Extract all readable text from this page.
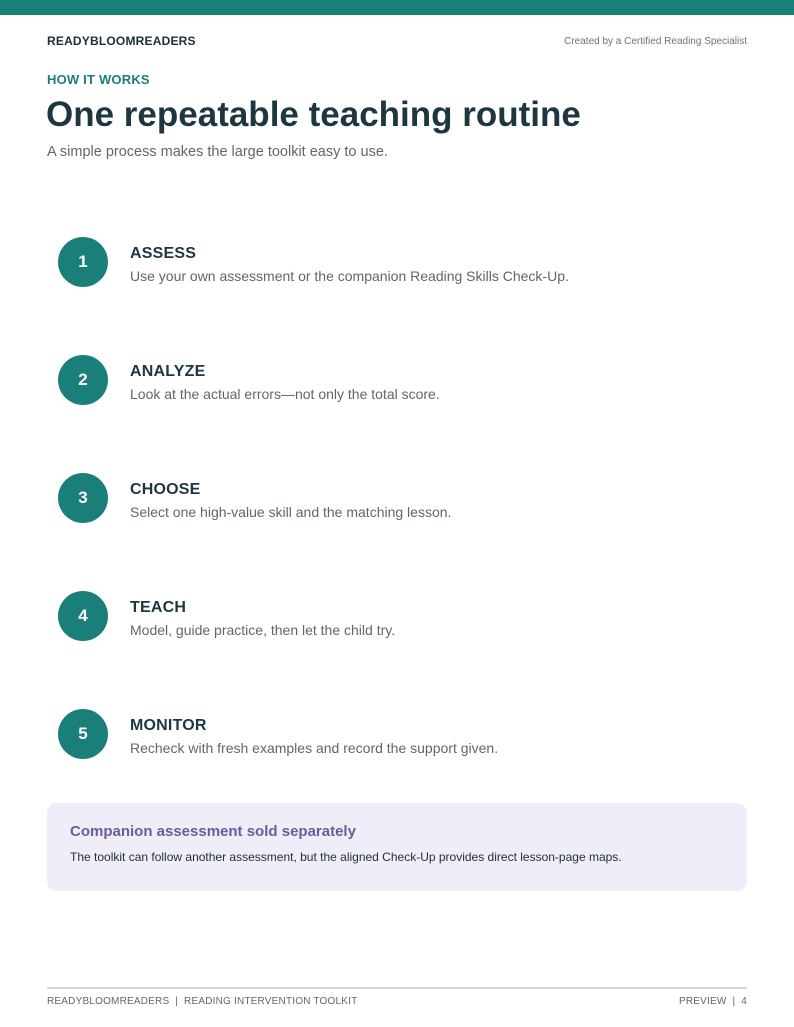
READYBLOOMREADERS	Created by a Certified Reading Specialist
HOW IT WORKS
One repeatable teaching routine
A simple process makes the large toolkit easy to use.
1	ASSESS
Use your own assessment or the companion Reading Skills Check-Up.
2	ANALYZE
Look at the actual errors—not only the total score.
3	CHOOSE
Select one high-value skill and the matching lesson.
4	TEACH
Model, guide practice, then let the child try.
5	MONITOR
Recheck with fresh examples and record the support given.
Companion assessment sold separately
The toolkit can follow another assessment, but the aligned Check-Up provides direct lesson-page maps.
READYBLOOMREADERS  |  READING INTERVENTION TOOLKIT	PREVIEW  |  4
